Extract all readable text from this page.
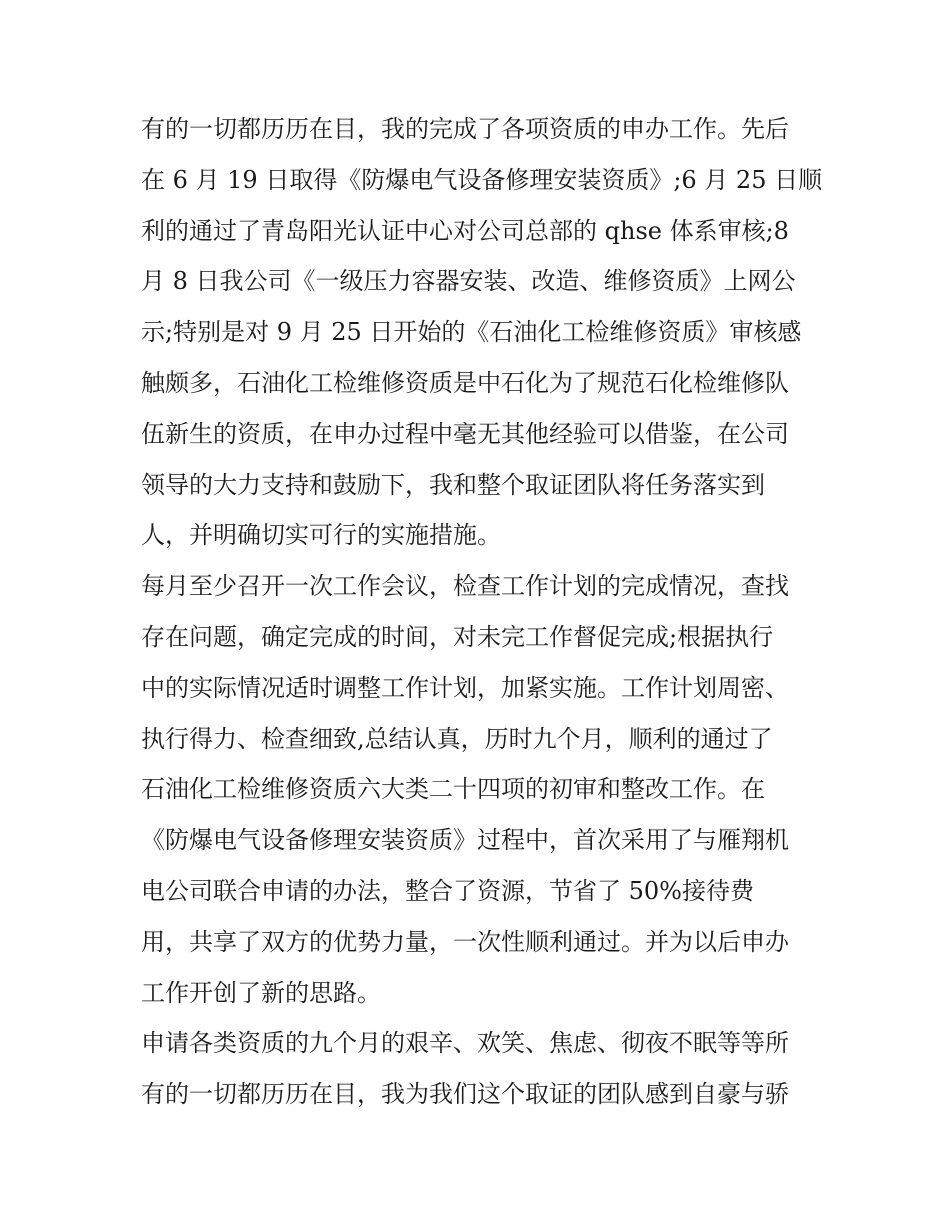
有的一切都历历在目，我的完成了各项资质的申办工作。先后
在 6 月 19 日取得《防爆电气设备修理安装资质》;6 月 25 日顺
利的通过了青岛阳光认证中心对公司总部的 qhse 体系审核;8
月 8 日我公司《一级压力容器安装、改造、维修资质》上网公
示;特别是对 9 月 25 日开始的《石油化工检维修资质》审核感
触颇多，石油化工检维修资质是中石化为了规范石化检维修队
伍新生的资质，在申办过程中毫无其他经验可以借鉴，在公司
领导的大力支持和鼓励下，我和整个取证团队将任务落实到
人，并明确切实可行的实施措施。
每月至少召开一次工作会议，检查工作计划的完成情况，查找
存在问题，确定完成的时间，对未完工作督促完成;根据执行
中的实际情况适时调整工作计划，加紧实施。工作计划周密、
执行得力、检查细致,总结认真，历时九个月，顺利的通过了
石油化工检维修资质六大类二十四项的初审和整改工作。在
《防爆电气设备修理安装资质》过程中，首次采用了与雁翔机
电公司联合申请的办法，整合了资源，节省了 50%接待费
用，共享了双方的优势力量，一次性顺利通过。并为以后申办
工作开创了新的思路。
申请各类资质的九个月的艰辛、欢笑、焦虑、彻夜不眠等等所
有的一切都历历在目，我为我们这个取证的团队感到自豪与骄
